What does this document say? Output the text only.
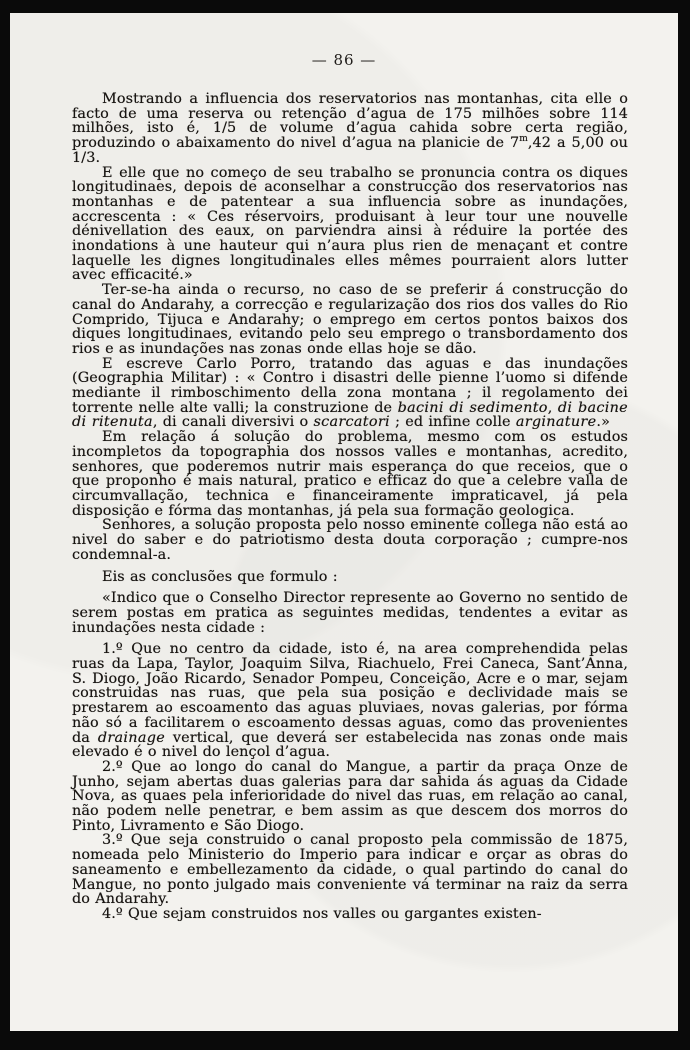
— 86 —

Mostrando a influencia dos reservatorios nas montanhas, cita elle o facto de uma reserva ou retenção d’agua de 175 milhões sobre 114 milhões, isto é, 1/5 de volume d’agua cahida sobre certa região, produzindo o abaixamento do nivel d’agua na planicie de 7$^m$,42 a 5,00 ou 1/3.

E elle que no começo de seu trabalho se pronuncia contra os diques longitudinaes, depois de aconselhar a construcção dos reservatorios nas montanhas e de patentear a sua influencia sobre as inundações, accrescenta : « Ces réservoirs, produisant à leur tour une nouvelle dénivellation des eaux, on parviendra ainsi à réduire la portée des inondations à une hauteur qui n’aura plus rien de menaçant et contre laquelle les dignes longitudinales elles mêmes pourraient alors lutter avec efficacité.»

Ter-se-ha ainda o recurso, no caso de se preferir á construcção do canal do Andarahy, a correcção e regularização dos rios dos valles do Rio Comprido, Tijuca e Andarahy; o emprego em certos pontos baixos dos diques longitudinaes, evitando pelo seu emprego o transbordamento dos rios e as inundações nas zonas onde ellas hoje se dão.

E escreve Carlo Porro, tratando das aguas e das inundações (Geographia Militar) : « Contro i disastri delle pienne l’uomo si difende mediante il rimboschimento della zona montana ; il regolamento dei torrente nelle alte valli; la construzione de bacini di sedimento, di bacine di ritenuta, di canali diversivi o scarcatori ; ed infine colle arginature.»

Em relação á solução do problema, mesmo com os estudos incompletos da topographia dos nossos valles e montanhas, acredito, senhores, que poderemos nutrir mais esperança do que receios, que o que proponho é mais natural, pratico e efficaz do que a celebre valla de circumvallação, technica e financeiramente impraticavel, já pela disposição e fórma das montanhas, já pela sua formação geologica.

Senhores, a solução proposta pelo nosso eminente collega não está ao nivel do saber e do patriotismo desta douta corporação ; cumpre-nos condemnal-a.

Eis as conclusões que formulo :

«Indico que o Conselho Director represente ao Governo no sentido de serem postas em pratica as seguintes medidas, tendentes a evitar as inundações nesta cidade :

1.º Que no centro da cidade, isto é, na area comprehendida pelas ruas da Lapa, Taylor, Joaquim Silva, Riachuelo, Frei Caneca, Sant’Anna, S. Diogo, João Ricardo, Senador Pompeu, Conceição, Acre e o mar, sejam construidas nas ruas, que pela sua posição e declividade mais se prestarem ao escoamento das aguas pluviaes, novas galerias, por fórma não só a facilitarem o escoamento dessas aguas, como das provenientes da drainage vertical, que deverá ser estabelecida nas zonas onde mais elevado é o nivel do lençol d’agua.

2.º Que ao longo do canal do Mangue, a partir da praça Onze de Junho, sejam abertas duas galerias para dar sahida ás aguas da Cidade Nova, as quaes pela inferioridade do nivel das ruas, em relação ao canal, não podem nelle penetrar, e bem assim as que descem dos morros do Pinto, Livramento e São Diogo.

3.º Que seja construido o canal proposto pela commissão de 1875, nomeada pelo Ministerio do Imperio para indicar e orçar as obras do saneamento e embellezamento da cidade, o qual partindo do canal do Mangue, no ponto julgado mais conveniente vá terminar na raiz da serra do Andarahy.

4.º Que sejam construidos nos valles ou gargantes existen-
